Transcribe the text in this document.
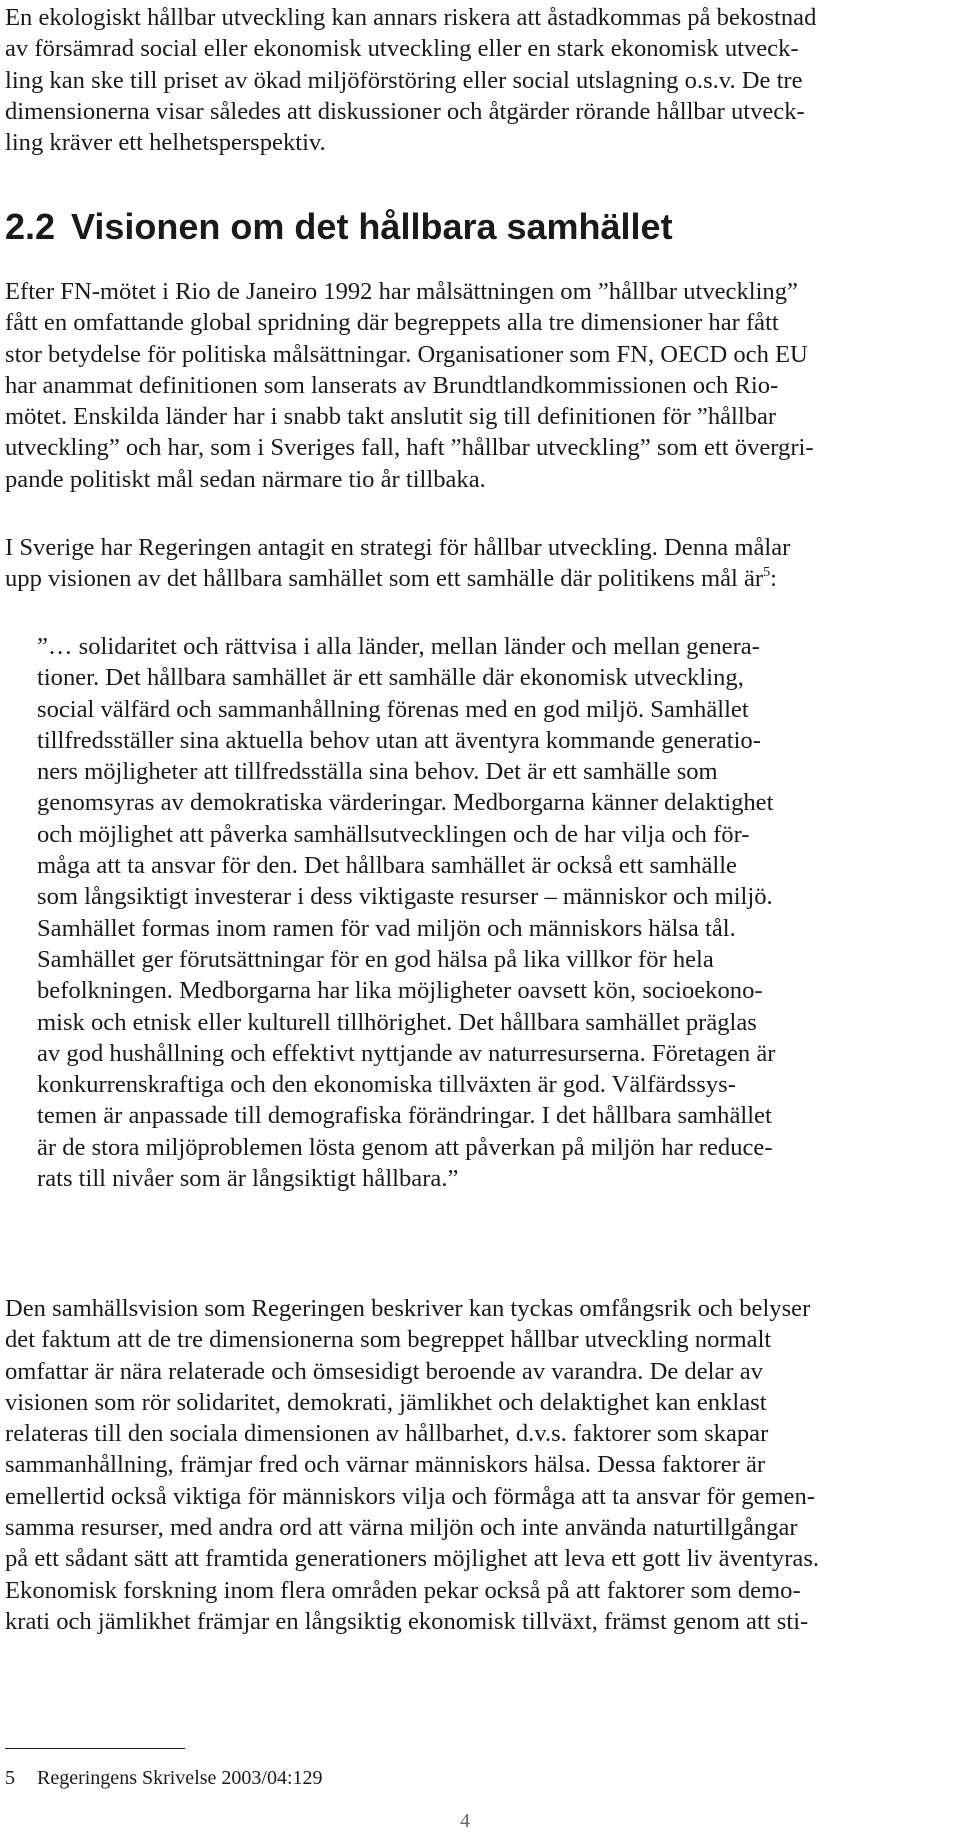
En ekologiskt hållbar utveckling kan annars riskera att åstadkommas på bekostnad
av försämrad social eller ekonomisk utveckling eller en stark ekonomisk utveck-
ling kan ske till priset av ökad miljöförstöring eller social utslagning o.s.v. De tre
dimensionerna visar således att diskussioner och åtgärder rörande hållbar utveck-
ling kräver ett helhetsperspektiv.

2.2 Visionen om det hållbara samhället

Efter FN-mötet i Rio de Janeiro 1992 har målsättningen om ”hållbar utveckling”
fått en omfattande global spridning där begreppets alla tre dimensioner har fått
stor betydelse för politiska målsättningar. Organisationer som FN, OECD och EU
har anammat definitionen som lanserats av Brundtlandkommissionen och Rio-
mötet. Enskilda länder har i snabb takt anslutit sig till definitionen för ”hållbar
utveckling” och har, som i Sveriges fall, haft ”hållbar utveckling” som ett övergri-
pande politiskt mål sedan närmare tio år tillbaka.

I Sverige har Regeringen antagit en strategi för hållbar utveckling. Denna målar
upp visionen av det hållbara samhället som ett samhälle där politikens mål $är^5$:

”… solidaritet och rättvisa i alla länder, mellan länder och mellan genera-
tioner. Det hållbara samhället är ett samhälle där ekonomisk utveckling,
social välfärd och sammanhållning förenas med en god miljö. Samhället
tillfredsställer sina aktuella behov utan att äventyra kommande generatio-
ners möjligheter att tillfredsställa sina behov. Det är ett samhälle som
genomsyras av demokratiska värderingar. Medborgarna känner delaktighet
och möjlighet att påverka samhällsutvecklingen och de har vilja och för-
måga att ta ansvar för den. Det hållbara samhället är också ett samhälle
som långsiktigt investerar i dess viktigaste resurser – människor och miljö.
Samhället formas inom ramen för vad miljön och människors hälsa tål.
Samhället ger förutsättningar för en god hälsa på lika villkor för hela
befolkningen. Medborgarna har lika möjligheter oavsett kön, socioekono-
misk och etnisk eller kulturell tillhörighet. Det hållbara samhället präglas
av god hushållning och effektivt nyttjande av naturresurserna. Företagen är
konkurrenskraftiga och den ekonomiska tillväxten är god. Välfärdssys-
temen är anpassade till demografiska förändringar. I det hållbara samhället
är de stora miljöproblemen lösta genom att påverkan på miljön har reduce-
rats till nivåer som är långsiktigt hållbara.”

Den samhällsvision som Regeringen beskriver kan tyckas omfångsrik och belyser
det faktum att de tre dimensionerna som begreppet hållbar utveckling normalt
omfattar är nära relaterade och ömsesidigt beroende av varandra. De delar av
visionen som rör solidaritet, demokrati, jämlikhet och delaktighet kan enklast
relateras till den sociala dimensionen av hållbarhet, d.v.s. faktorer som skapar
sammanhållning, främjar fred och värnar människors hälsa. Dessa faktorer är
emellertid också viktiga för människors vilja och förmåga att ta ansvar för gemen-
samma resurser, med andra ord att värna miljön och inte använda naturtillgångar
på ett sådant sätt att framtida generationers möjlighet att leva ett gott liv äventyras.
Ekonomisk forskning inom flera områden pekar också på att faktorer som demo-
krati och jämlikhet främjar en långsiktig ekonomisk tillväxt, främst genom att sti-

5 Regeringens Skrivelse 2003/04:129

4
